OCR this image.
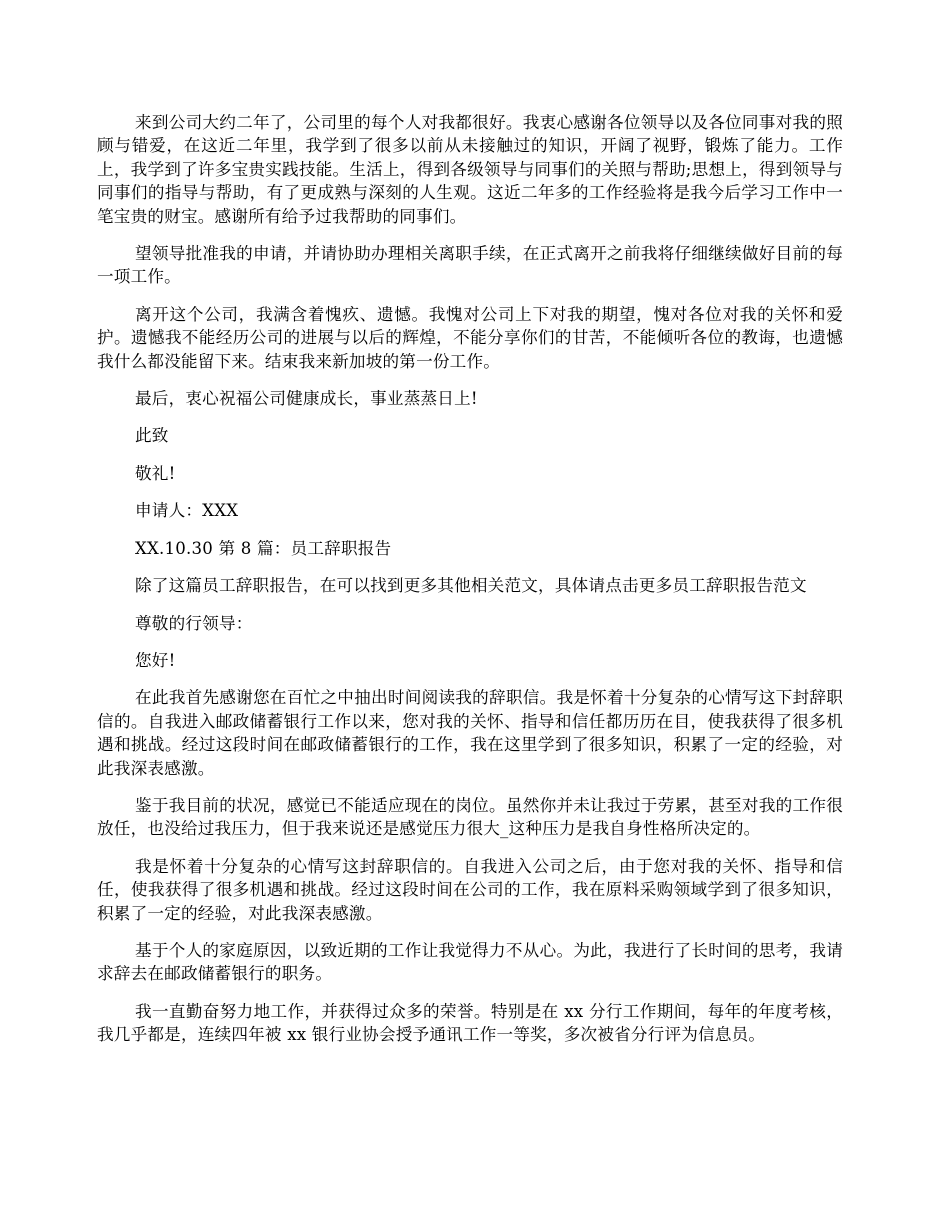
来到公司大约二年了，公司里的每个人对我都很好。我衷心感谢各位领导以及各位同事对我的照顾与错爱，在这近二年里，我学到了很多以前从未接触过的知识，开阔了视野，锻炼了能力。工作上，我学到了许多宝贵实践技能。生活上，得到各级领导与同事们的关照与帮助;思想上，得到领导与同事们的指导与帮助，有了更成熟与深刻的人生观。这近二年多的工作经验将是我今后学习工作中一笔宝贵的财宝。感谢所有给予过我帮助的同事们。

望领导批准我的申请，并请协助办理相关离职手续，在正式离开之前我将仔细继续做好目前的每一项工作。

离开这个公司，我满含着愧疚、遗憾。我愧对公司上下对我的期望，愧对各位对我的关怀和爱护。遗憾我不能经历公司的进展与以后的辉煌，不能分享你们的甘苦，不能倾听各位的教诲，也遗憾我什么都没能留下来。结束我来新加坡的第一份工作。

最后，衷心祝福公司健康成长，事业蒸蒸日上!

此致

敬礼!

申请人：XXX

XX.10.30 第 8 篇：员工辞职报告

除了这篇员工辞职报告，在可以找到更多其他相关范文，具体请点击更多员工辞职报告范文

尊敬的行领导：

您好!

在此我首先感谢您在百忙之中抽出时间阅读我的辞职信。我是怀着十分复杂的心情写这下封辞职信的。自我进入邮政储蓄银行工作以来，您对我的关怀、指导和信任都历历在目，使我获得了很多机遇和挑战。经过这段时间在邮政储蓄银行的工作，我在这里学到了很多知识，积累了一定的经验，对此我深表感激。

鉴于我目前的状况，感觉已不能适应现在的岗位。虽然你并未让我过于劳累，甚至对我的工作很放任，也没给过我压力，但于我来说还是感觉压力很大_这种压力是我自身性格所决定的。

我是怀着十分复杂的心情写这封辞职信的。自我进入公司之后，由于您对我的关怀、指导和信任，使我获得了很多机遇和挑战。经过这段时间在公司的工作，我在原料采购领域学到了很多知识，积累了一定的经验，对此我深表感激。

基于个人的家庭原因，以致近期的工作让我觉得力不从心。为此，我进行了长时间的思考，我请求辞去在邮政储蓄银行的职务。

我一直勤奋努力地工作，并获得过众多的荣誉。特别是在 xx 分行工作期间，每年的年度考核，我几乎都是，连续四年被 xx 银行业协会授予通讯工作一等奖，多次被省分行评为信息员。
